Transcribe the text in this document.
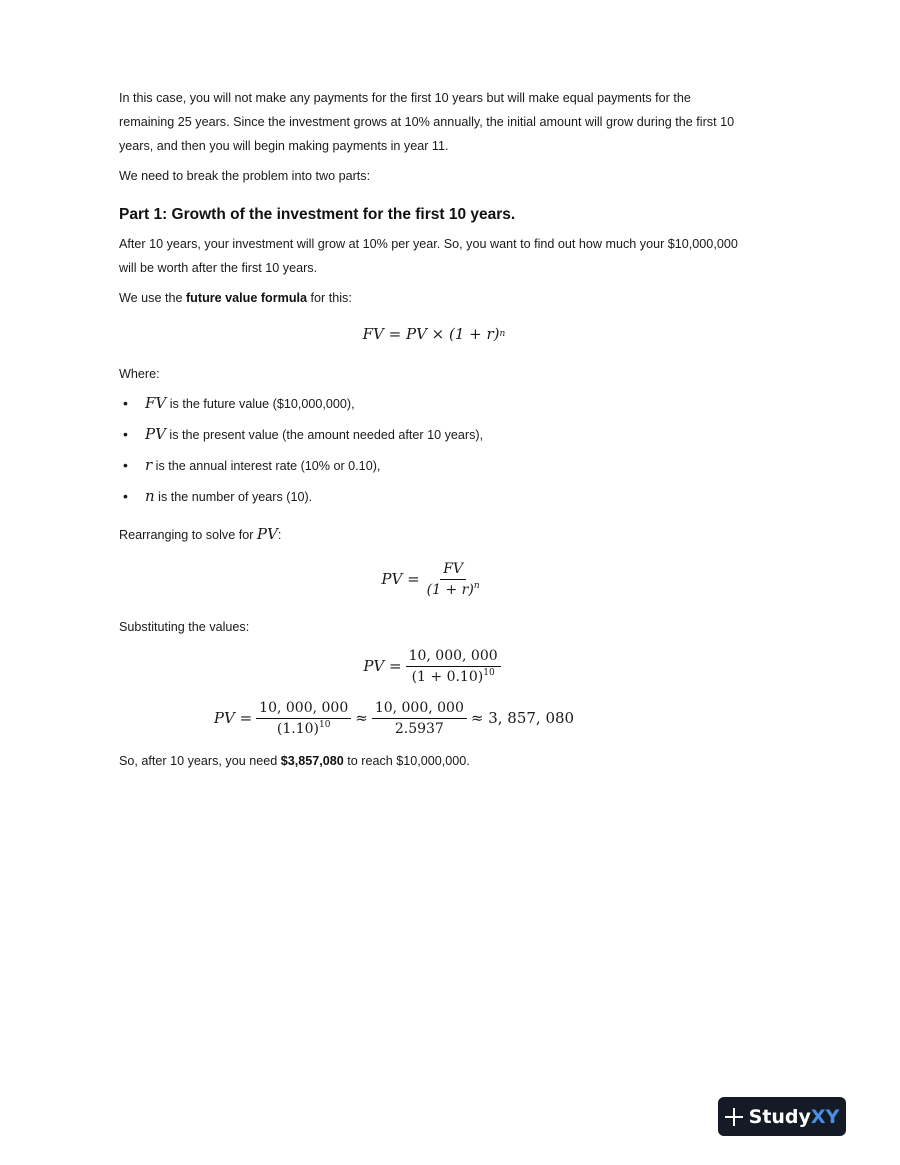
In this case, you will not make any payments for the first 10 years but will make equal payments for the remaining 25 years. Since the investment grows at 10% annually, the initial amount will grow during the first 10 years, and then you will begin making payments in year 11.

We need to break the problem into two parts:

Part 1: Growth of the investment for the first 10 years.

After 10 years, your investment will grow at 10% per year. So, you want to find out how much your $10,000,000 will be worth after the first 10 years.

We use the future value formula for this:

FV = PV × (1 + r) n

Where:

• FV is the future value ($10,000,000),
• PV is the present value (the amount needed after 10 years),
• r is the annual interest rate (10% or 0.10),
• n is the number of years (10).

Rearranging to solve for PV:

PV = $\frac{FV}{(1 + r)^n}$

Substituting the values:

PV = $\frac{10, 000, 000}{(1 + 0.10)^{10}}$
PV = $\frac{10, 000, 000}{(1.10)^{10}} \approx \frac{10, 000, 000}{2.5937} \approx 3$, 857, 080

So, after 10 years, you need $3,857,080 to reach $10,000,000.

StudyXY
